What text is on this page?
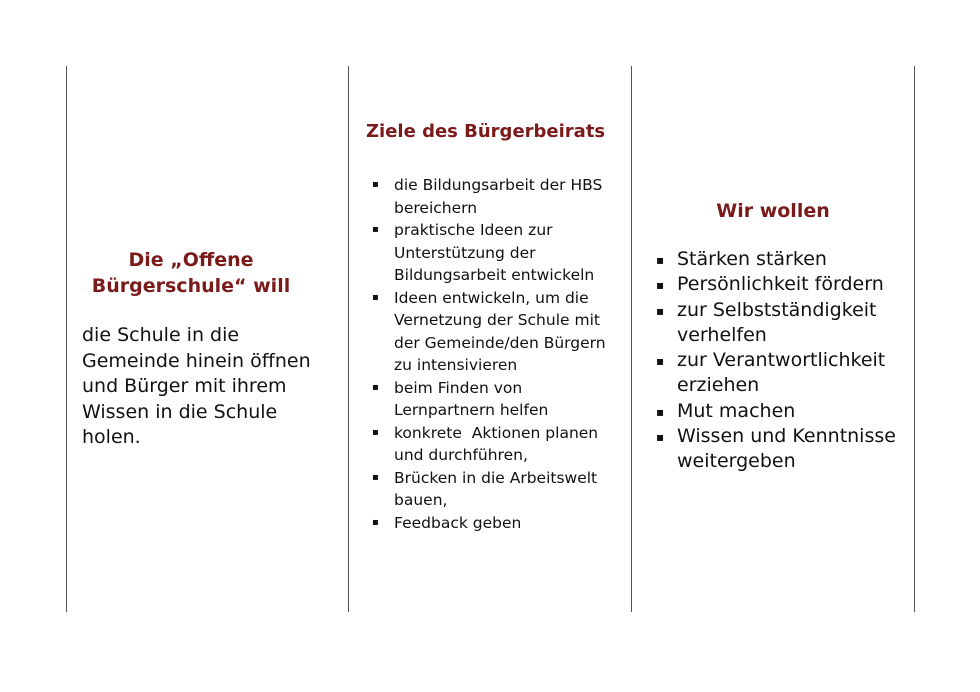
Die „Offene
Bürgerschule“ will
die Schule in die
Gemeinde hinein öffnen
und Bürger mit ihrem
Wissen in die Schule
holen.
Ziele des Bürgerbeirats
▪ die Bildungsarbeit der HBS
bereichern
▪ praktische Ideen zur
Unterstützung der
Bildungsarbeit entwickeln
▪ Ideen entwickeln, um die
Vernetzung der Schule mit
der Gemeinde/den Bürgern
zu intensivieren
▪ beim Finden von
Lernpartnern helfen
▪ konkrete  Aktionen planen
und durchführen,
▪ Brücken in die Arbeitswelt
bauen,
▪ Feedback geben
Wir wollen
▪ Stärken stärken
▪ Persönlichkeit fördern
▪ zur Selbstständigkeit
verhelfen
▪ zur Verantwortlichkeit
erziehen
▪ Mut machen
▪ Wissen und Kenntnisse
weitergeben
